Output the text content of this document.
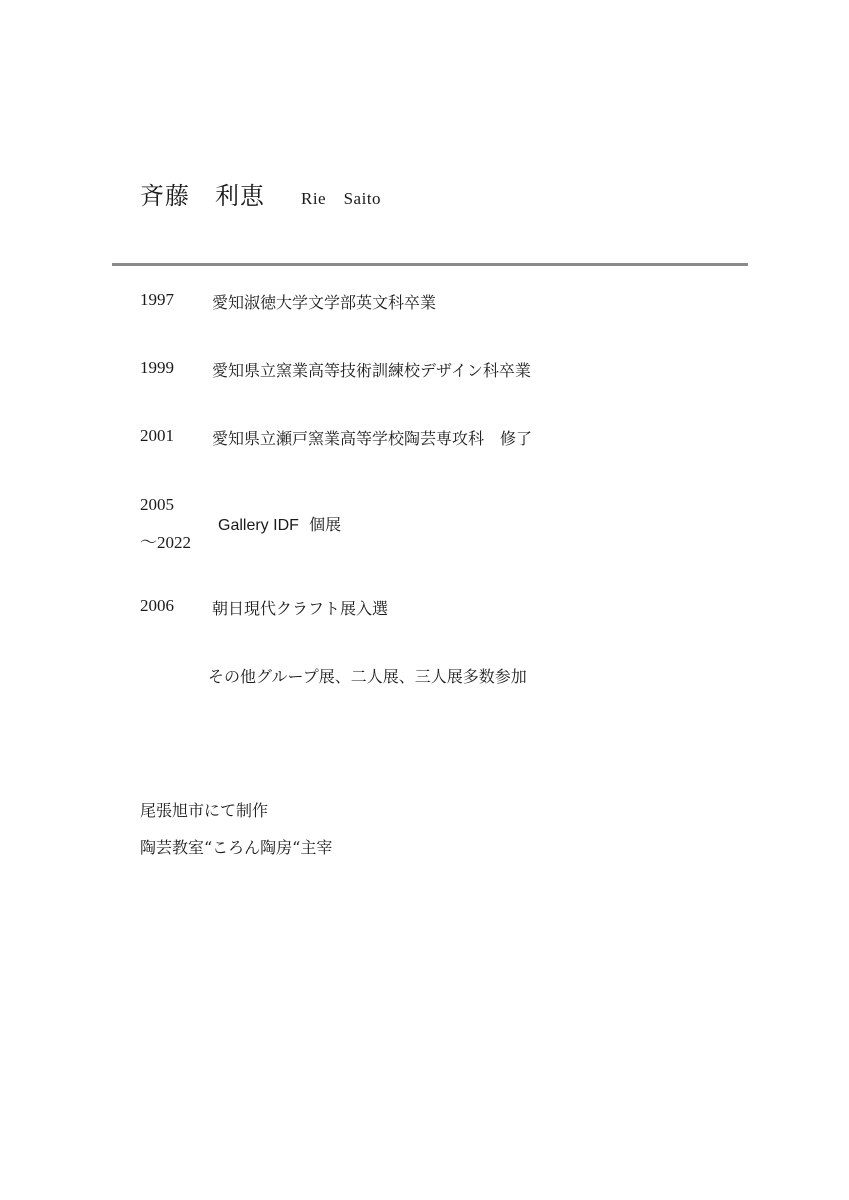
斉藤　利恵 Rie　Saito
1997 愛知淑徳大学文学部英文科卒業
1999 愛知県立窯業高等技術訓練校デザイン科卒業
2001 愛知県立瀬戸窯業高等学校陶芸専攻科　修了
2005
～2022
Gallery IDF 個展
2006 朝日現代クラフト展入選
その他グループ展、二人展、三人展多数参加
尾張旭市にて制作
陶芸教室“ころん陶房“主宰
